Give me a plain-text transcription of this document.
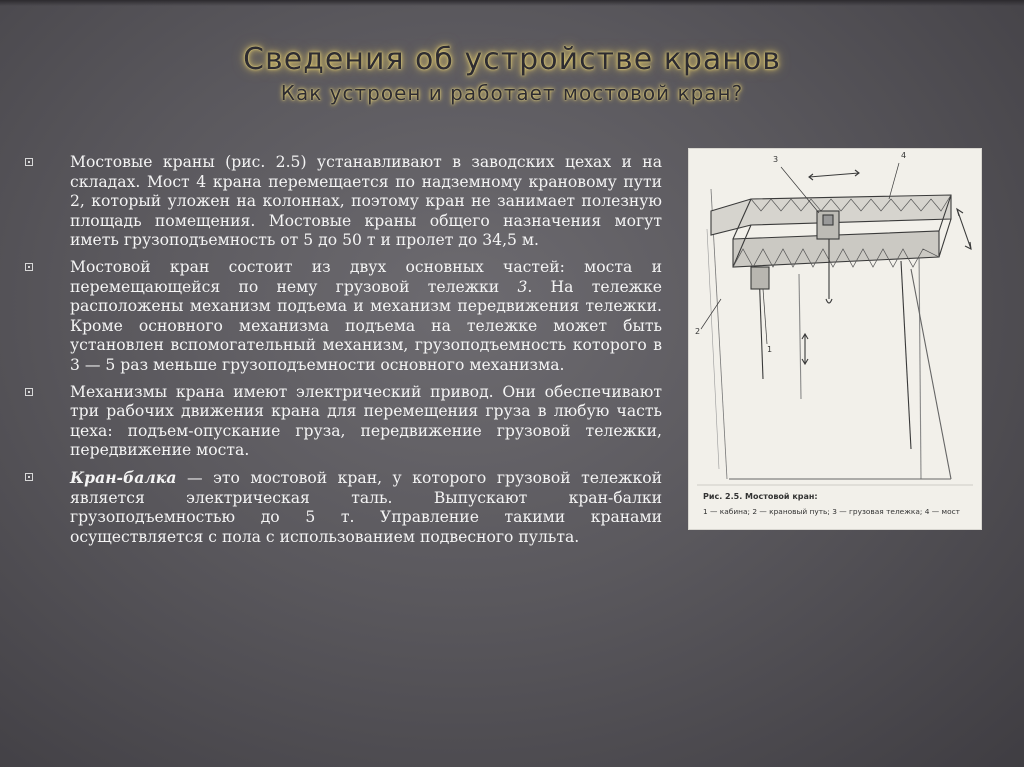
Сведения об устройстве кранов
Как устроен и работает мостовой кран?
Мостовые краны (рис. 2.5) устанавливают в заводских цехах и на складах. Мост 4 крана перемещается по надземному крановому пути 2, который уложен на колоннах, поэтому кран не занимает полезную площадь помещения. Мостовые краны общего назначения могут иметь грузоподъемность от 5 до 50 т и пролет до 34,5 м.
Мостовой кран состоит из двух основных частей: моста и перемещающейся по нему грузовой тележки 3. На тележке расположены механизм подъема и механизм передвижения тележки. Кроме основного механизма подъема на тележке может быть установлен вспомогательный механизм, грузоподъемность которого в 3 — 5 раз меньше грузоподъемности основного механизма.
Механизмы крана имеют электрический привод. Они обеспечивают три рабочих движения крана для перемещения груза в любую часть цеха: подъем-опускание груза, передвижение грузовой тележки, передвижение моста.
Кран-балка — это мостовой кран, у которого грузовой тележкой является электрическая таль. Выпускают кран-балки грузоподъемностью до 5 т. Управление такими кранами осуществляется с пола с использованием подвесного пульта.
3	4
2
1
Рис. 2.5. Мостовой кран:
1 — кабина; 2 — крановый путь; 3 — грузовая тележка; 4 — мост
